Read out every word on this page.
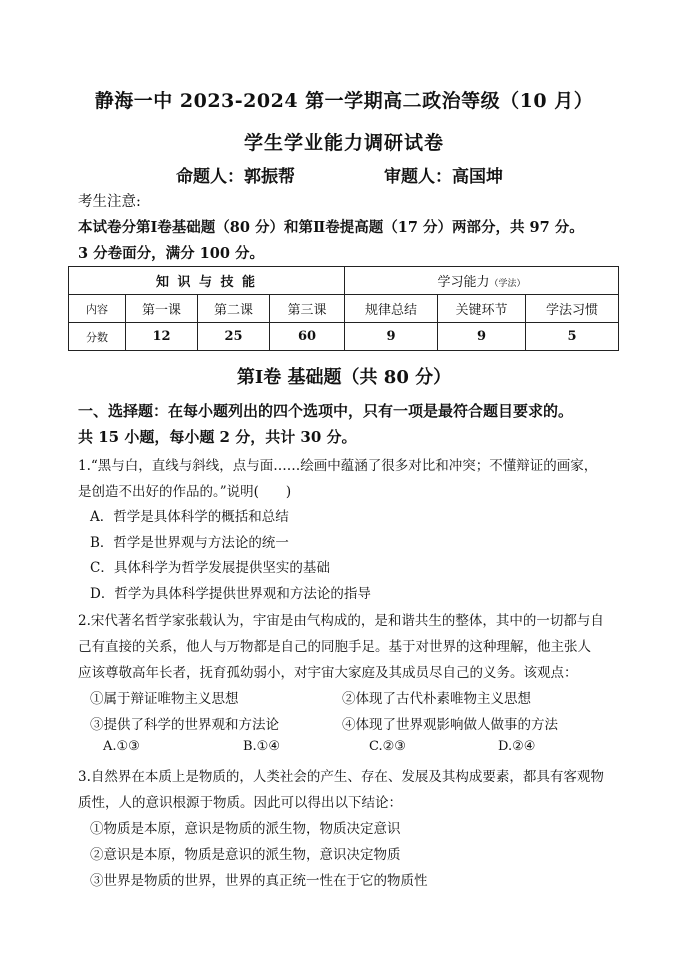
静海一中 2023-2024 第一学期高二政治等级（10 月）
学生学业能力调研试卷
命题人：郭振帮	审题人：高国坤
考生注意:
本试卷分第Ⅰ卷基础题（80 分）和第Ⅱ卷提高题（17 分）两部分，共 97 分。
3 分卷面分，满分 100 分。
知 识 与 技 能				学习能力（学法）		
内容	第一课	第二课	第三课	规律总结	关键环节	学法习惯
分数	12	25	60	9	9	5
第Ⅰ卷 基础题（共 80 分）
一、选择题：在每小题列出的四个选项中，只有一项是最符合题目要求的。
共 15 小题，每小题 2 分，共计 30 分。
1.“黑与白，直线与斜线，点与面……绘画中蕴涵了很多对比和冲突；不懂辩证的画家，
是创造不出好的作品的。”说明(　　)
A．哲学是具体科学的概括和总结
B．哲学是世界观与方法论的统一
C．具体科学为哲学发展提供坚实的基础
D．哲学为具体科学提供世界观和方法论的指导
2.宋代著名哲学家张载认为，宇宙是由气构成的，是和谐共生的整体，其中的一切都与自
己有直接的关系，他人与万物都是自己的同胞手足。基于对世界的这种理解，他主张人
应该尊敬高年长者，抚育孤幼弱小，对宇宙大家庭及其成员尽自己的义务。该观点：
①属于辩证唯物主义思想	②体现了古代朴素唯物主义思想
③提供了科学的世界观和方法论	④体现了世界观影响做人做事的方法
A.①③	B.①④	C.②③	D.②④
3.自然界在本质上是物质的，人类社会的产生、存在、发展及其构成要素，都具有客观物
质性，人的意识根源于物质。因此可以得出以下结论：
①物质是本原，意识是物质的派生物，物质决定意识
②意识是本原，物质是意识的派生物，意识决定物质
③世界是物质的世界，世界的真正统一性在于它的物质性
